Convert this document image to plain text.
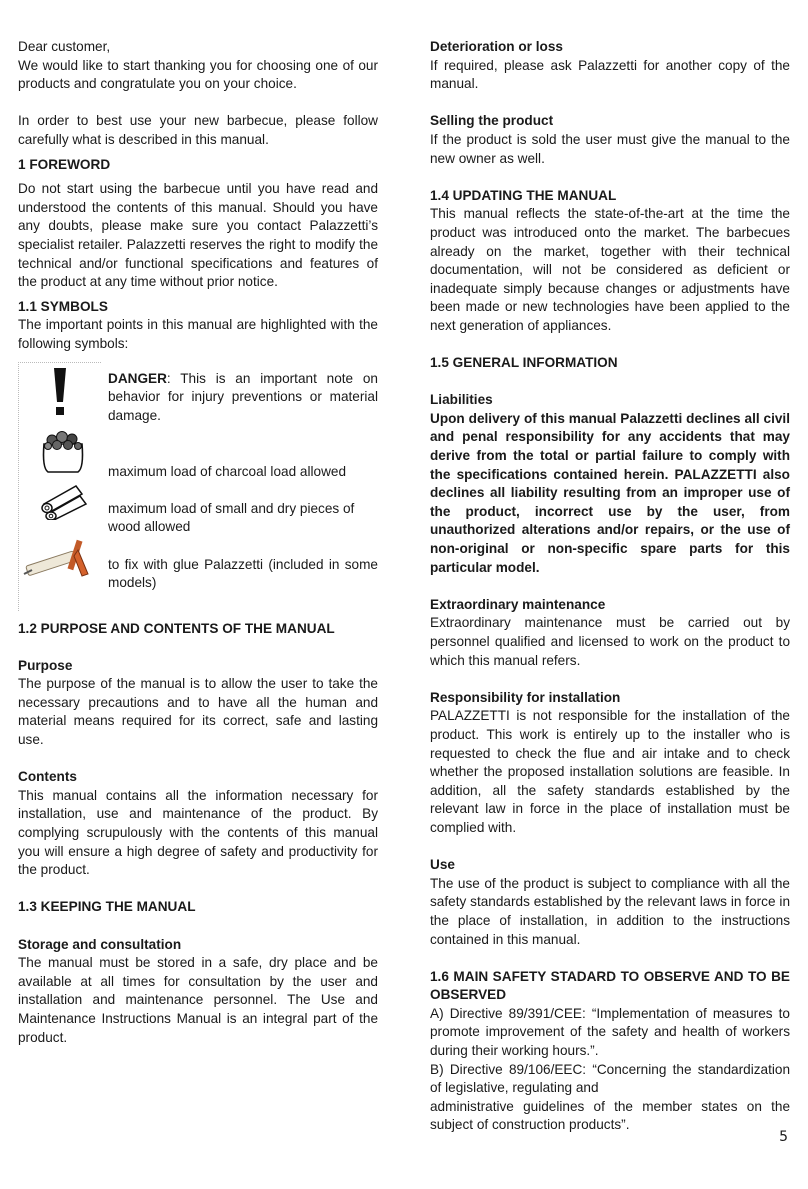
Dear customer,

We would like to start thanking you for choosing one of our products and congratulate you on your choice.

In order to best use your new barbecue, please follow carefully what is described in this manual.

1 FOREWORD

Do not start using the barbecue until you have read and understood the contents of this manual. Should you have any doubts, please make sure you contact Palazzetti’s specialist retailer. Palazzetti reserves the right to modify the technical and/or functional specifications and features of the product at any time without prior notice.

1.1 SYMBOLS

The important points in this manual are highlighted with the following symbols:

DANGER: This is an important note on behavior for injury preventions or material damage.

maximum load of charcoal load allowed

maximum load of small and dry pieces of wood allowed

to fix with glue Palazzetti (included in some models)

1.2 PURPOSE AND CONTENTS OF THE MANUAL

Purpose

The purpose of the manual is to allow the user to take the necessary precautions and to have all the human and material means required for its correct, safe and lasting use.

Contents

This manual contains all the information necessary for installation, use and maintenance of the product. By complying scrupulously with the contents of this manual you will ensure a high degree of safety and productivity for the product.

1.3 KEEPING THE MANUAL

Storage and consultation

The manual must be stored in a safe, dry place and be available at all times for consultation by the user and installation and maintenance personnel. The Use and Maintenance Instructions Manual is an integral part of the product.

Deterioration or loss

If required, please ask Palazzetti for another copy of the manual.

Selling the product

If the product is sold the user must give the manual to the new owner as well.

1.4 UPDATING THE MANUAL

This manual reflects the state-of-the-art at the time the product was introduced onto the market. The barbecues already on the market, together with their technical documentation, will not be considered as deficient or inadequate simply because changes or adjustments have been made or new technologies have been applied to the next generation of appliances.

1.5 GENERAL INFORMATION

Liabilities

Upon delivery of this manual Palazzetti declines all civil and penal responsibility for any accidents that may derive from the total or partial failure to comply with the specifications contained herein. PALAZZETTI also declines all liability resulting from an improper use of the product, incorrect use by the user, from unauthorized alterations and/or repairs, or the use of non-original or non-specific spare parts for this particular model.

Extraordinary maintenance

Extraordinary maintenance must be carried out by personnel qualified and licensed to work on the product to which this manual refers.

Responsibility for installation

PALAZZETTI is not responsible for the installation of the product. This work is entirely up to the installer who is requested to check the flue and air intake and to check whether the proposed installation solutions are feasible. In addition, all the safety standards established by the relevant law in force in the place of installation must be complied with.

Use

The use of the product is subject to compliance with all the safety standards established by the relevant laws in force in the place of installation, in addition to the instructions contained in this manual.

1.6 MAIN SAFETY STADARD TO OBSERVE AND TO BE OBSERVED

A) Directive 89/391/CEE: “Implementation of measures to promote improvement of the safety and health of workers during their working hours.”.

B) Directive 89/106/EEC: “Concerning the standardization of legislative, regulating and

administrative guidelines of the member states on the subject of construction products”.

5
